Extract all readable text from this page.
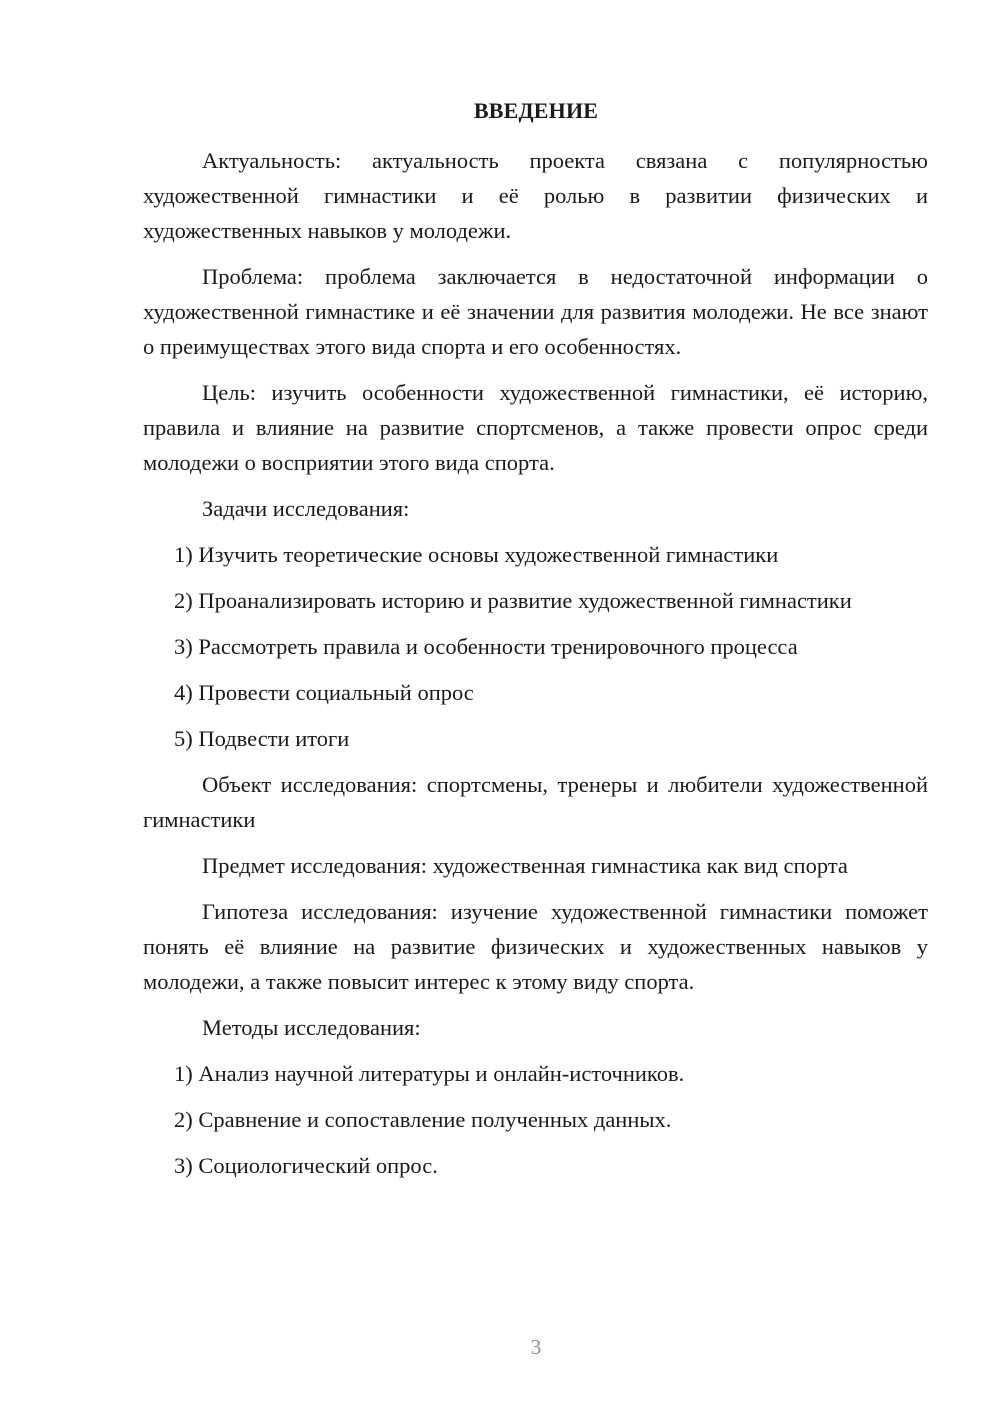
ВВЕДЕНИЕ

Актуальность: актуальность проекта связана с популярностью художественной гимнастики и её ролью в развитии физических и художественных навыков у молодежи.

Проблема: проблема заключается в недостаточной информации о художественной гимнастике и её значении для развития молодежи. Не все знают о преимуществах этого вида спорта и его особенностях.

Цель: изучить особенности художественной гимнастики, её историю, правила и влияние на развитие спортсменов, а также провести опрос среди молодежи о восприятии этого вида спорта.

Задачи исследования:

1) Изучить теоретические основы художественной гимнастики

2) Проанализировать историю и развитие художественной гимнастики

3) Рассмотреть правила и особенности тренировочного процесса

4) Провести социальный опрос

5) Подвести итоги

Объект исследования: спортсмены, тренеры и любители художественной гимнастики

Предмет исследования: художественная гимнастика как вид спорта

Гипотеза исследования: изучение художественной гимнастики поможет понять её влияние на развитие физических и художественных навыков у молодежи, а также повысит интерес к этому виду спорта.

Методы исследования:

1) Анализ научной литературы и онлайн-источников.

2) Сравнение и сопоставление полученных данных.

3) Социологический опрос.

3
